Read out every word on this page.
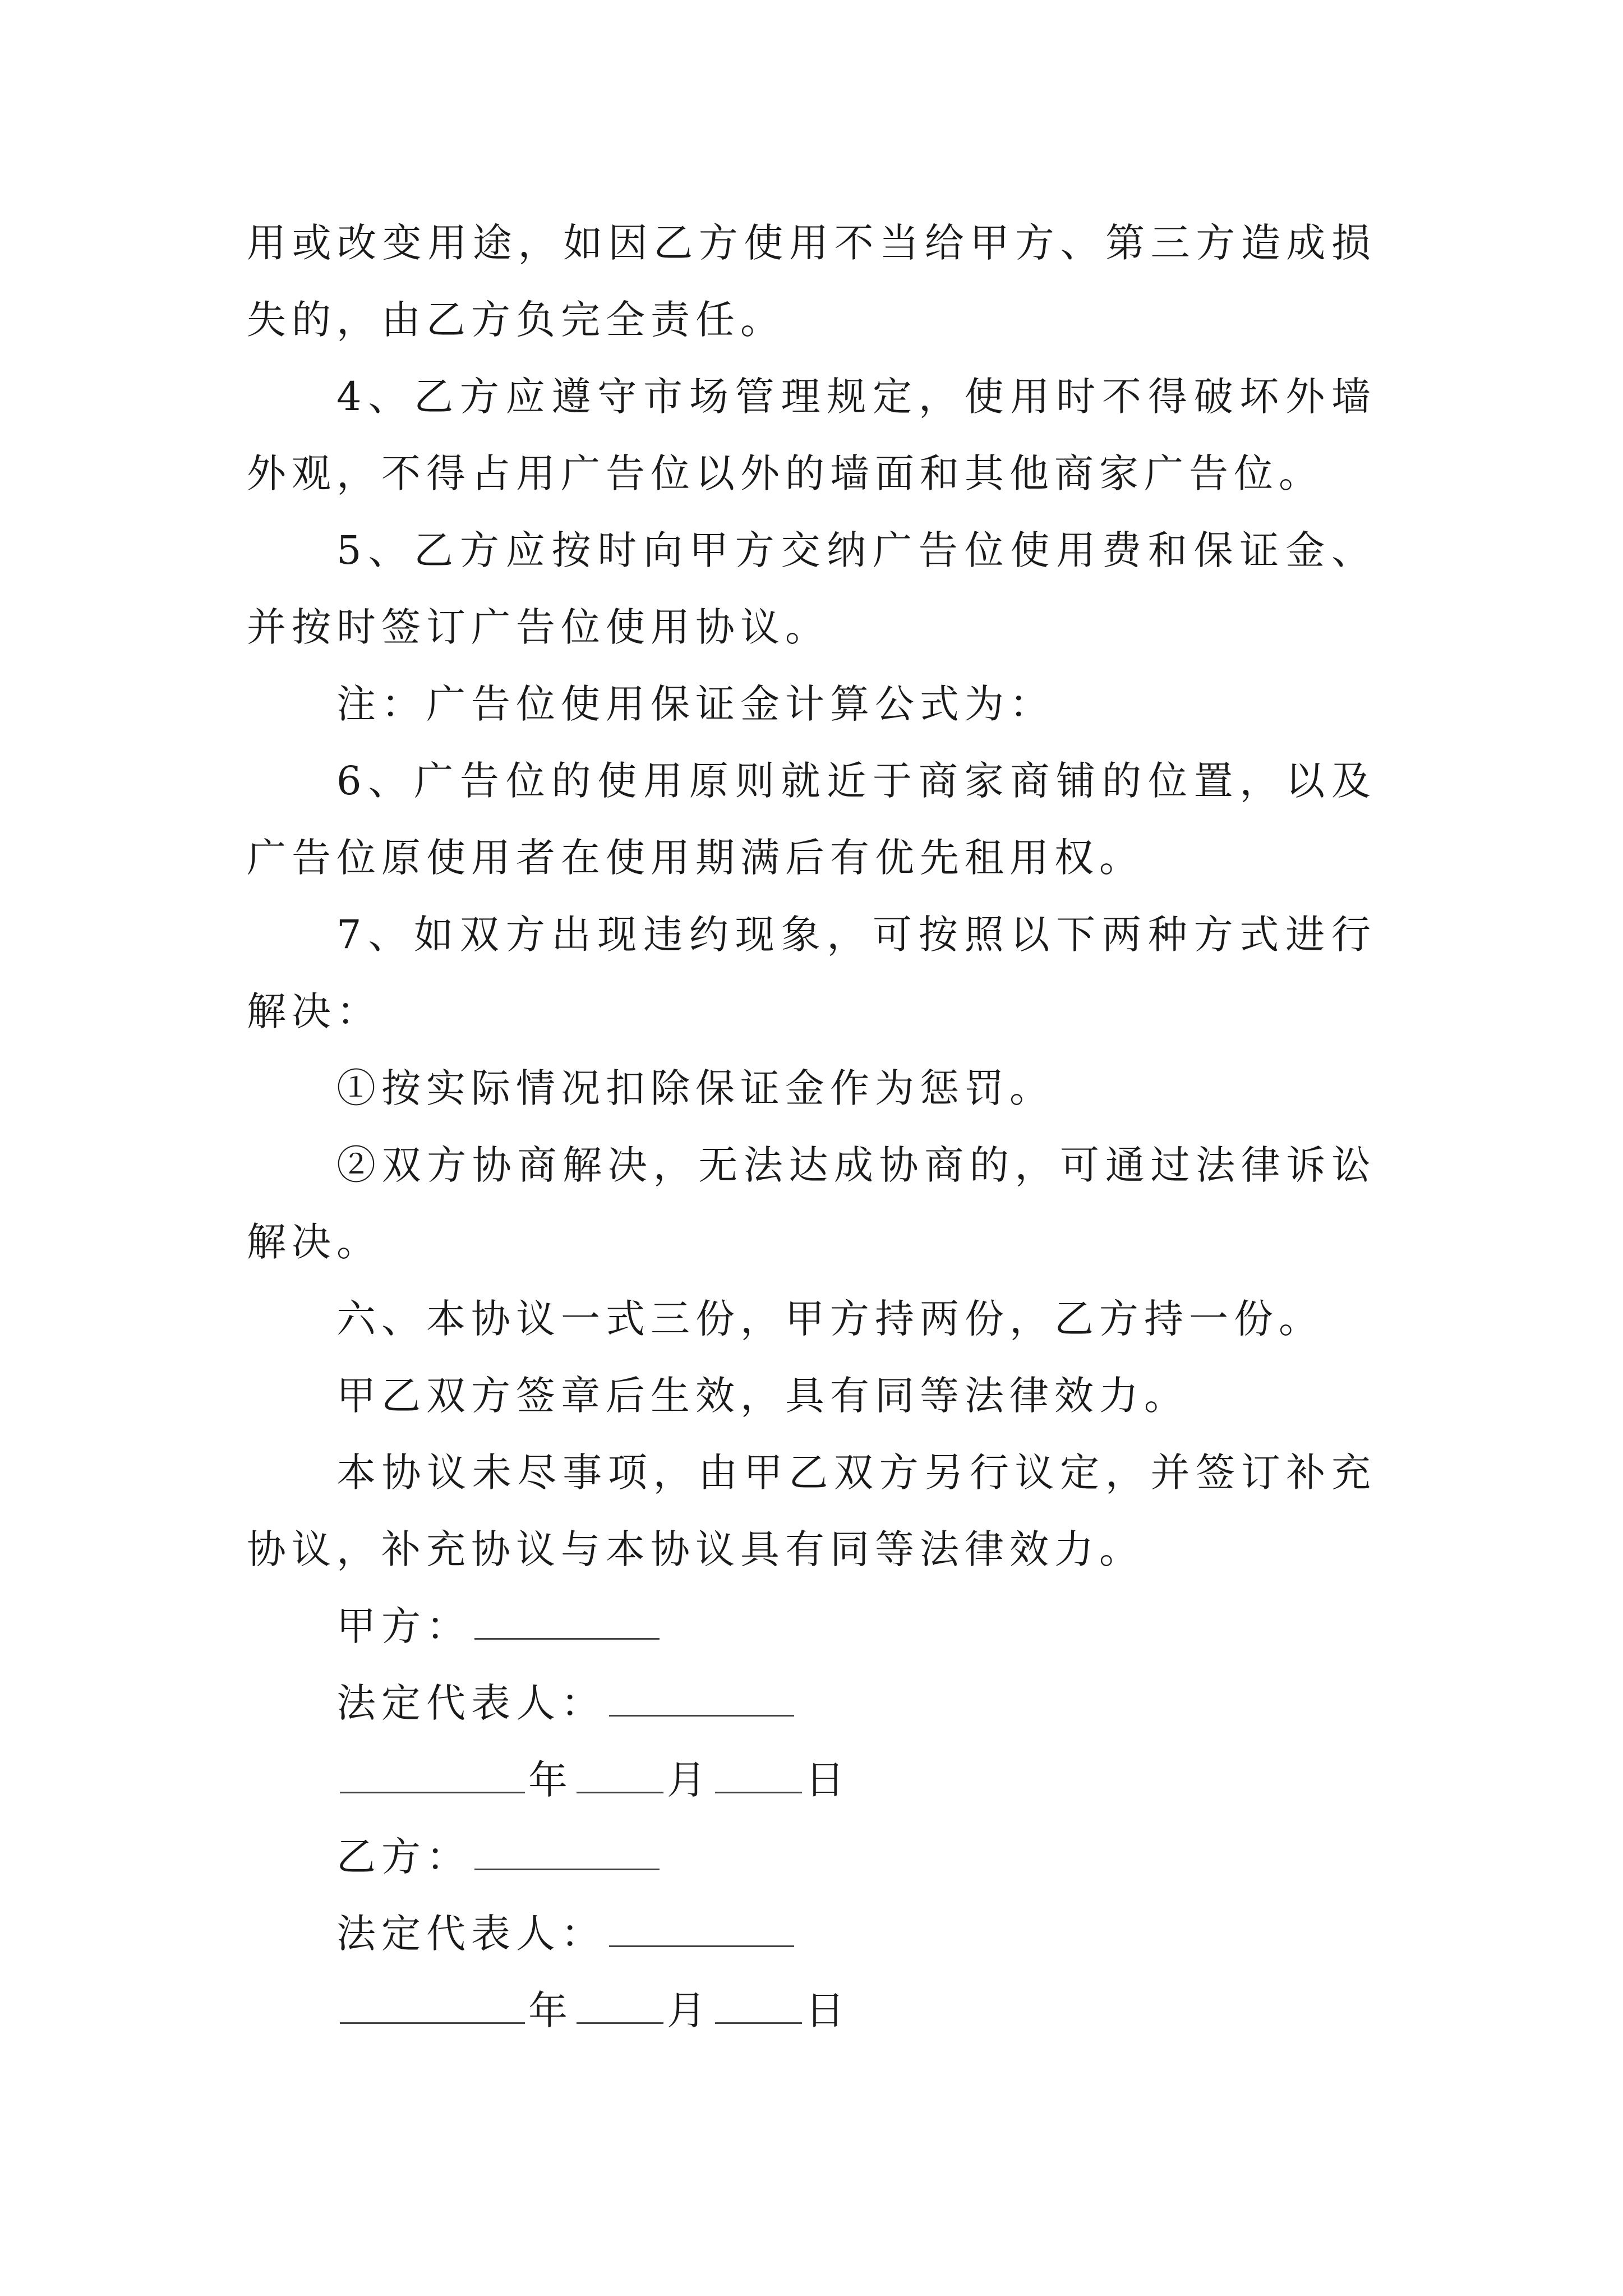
用或改变用途，如因乙方使用不当给甲方、第三方造成损失的，由乙方负完全责任。

4、乙方应遵守市场管理规定，使用时不得破坏外墙外观，不得占用广告位以外的墙面和其他商家广告位。

5、乙方应按时向甲方交纳广告位使用费和保证金、并按时签订广告位使用协议。

注：广告位使用保证金计算公式为：

6、广告位的使用原则就近于商家商铺的位置，以及广告位原使用者在使用期满后有优先租用权。

7、如双方出现违约现象，可按照以下两种方式进行解决：

①按实际情况扣除保证金作为惩罚。

②双方协商解决，无法达成协商的，可通过法律诉讼解决。

六、本协议一式三份，甲方持两份，乙方持一份。

甲乙双方签章后生效，具有同等法律效力。

本协议未尽事项，由甲乙双方另行议定，并签订补充协议，补充协议与本协议具有同等法律效力。

甲方：
法定代表人：
年 月 日
乙方：
法定代表人：
年 月 日
